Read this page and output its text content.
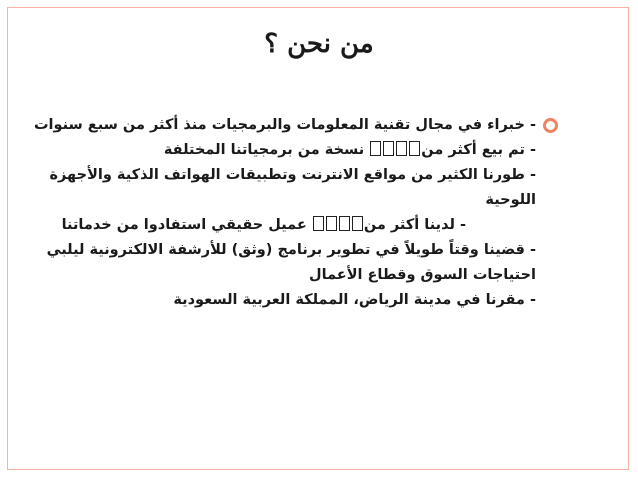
من نحن ؟
- خبراء في مجال تقنية المعلومات والبرمجيات منذ أكثر من سبع سنوات
- تم بيع أكثر من نسخة من برمجياتنا المختلفة
- طورنا الكثير من مواقع الانترنت وتطبيقات الهواتف الذكية والأجهزة
اللوحية
- لدينا أكثر من عميل حقيقي استفادوا من خدماتنا
- قضينا وقتاً طويلاً في تطوير برنامج (وثق) للأرشفة الالكترونية ليلبي
احتياجات السوق وقطاع الأعمال
- مقرنا في مدينة الرياض، المملكة العربية السعودية
